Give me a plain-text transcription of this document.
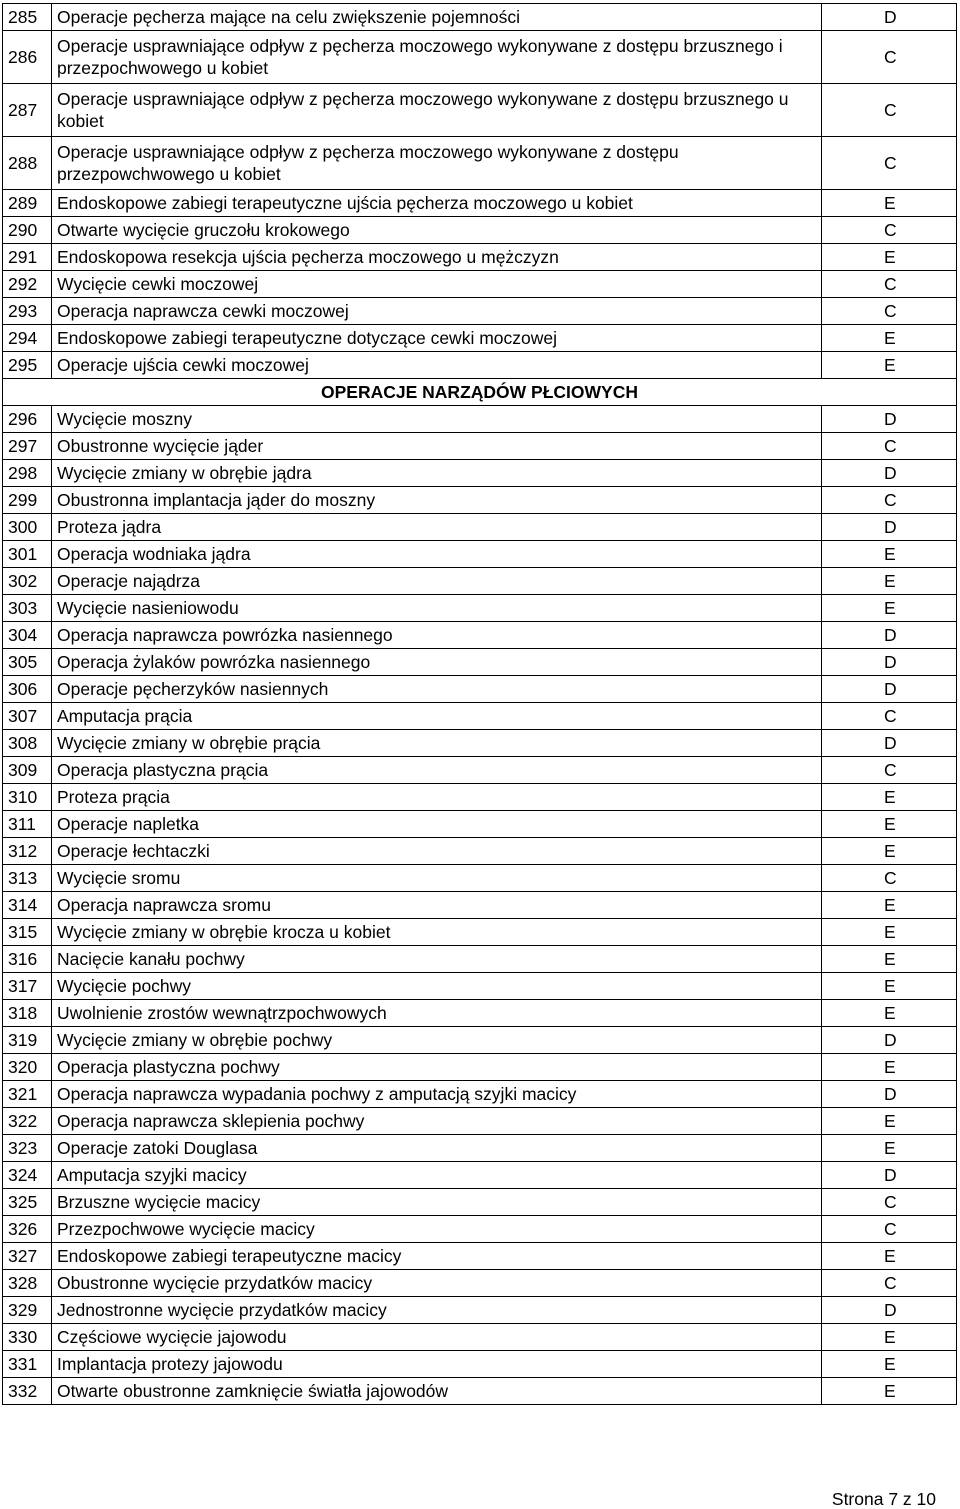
285	Operacje pęcherza mające na celu zwiększenie pojemności	D
286	Operacje usprawniające odpływ z pęcherza moczowego wykonywane z dostępu brzusznego i przezpochwowego u kobiet	C
287	Operacje usprawniające odpływ z pęcherza moczowego wykonywane z dostępu brzusznego u kobiet	C
288	Operacje usprawniające odpływ z pęcherza moczowego wykonywane z dostępu przezpowchwowego u kobiet	C
289	Endoskopowe zabiegi terapeutyczne ujścia pęcherza moczowego u kobiet	E
290	Otwarte wycięcie gruczołu krokowego	C
291	Endoskopowa resekcja ujścia pęcherza moczowego u mężczyzn	E
292	Wycięcie cewki moczowej	C
293	Operacja naprawcza cewki moczowej	C
294	Endoskopowe zabiegi terapeutyczne dotyczące cewki moczowej	E
295	Operacje ujścia cewki moczowej	E
OPERACJE NARZĄDÓW PŁCIOWYCH		
296	Wycięcie moszny	D
297	Obustronne wycięcie jąder	C
298	Wycięcie zmiany w obrębie jądra	D
299	Obustronna implantacja jąder do moszny	C
300	Proteza jądra	D
301	Operacja wodniaka jądra	E
302	Operacje najądrza	E
303	Wycięcie nasieniowodu	E
304	Operacja naprawcza powrózka nasiennego	D
305	Operacja żylaków powrózka nasiennego	D
306	Operacje pęcherzyków nasiennych	D
307	Amputacja prącia	C
308	Wycięcie zmiany w obrębie prącia	D
309	Operacja plastyczna prącia	C
310	Proteza prącia	E
311	Operacje napletka	E
312	Operacje łechtaczki	E
313	Wycięcie sromu	C
314	Operacja naprawcza sromu	E
315	Wycięcie zmiany w obrębie krocza u kobiet	E
316	Nacięcie kanału pochwy	E
317	Wycięcie pochwy	E
318	Uwolnienie zrostów wewnątrzpochwowych	E
319	Wycięcie zmiany w obrębie pochwy	D
320	Operacja plastyczna pochwy	E
321	Operacja naprawcza wypadania pochwy z amputacją szyjki macicy	D
322	Operacja naprawcza sklepienia pochwy	E
323	Operacje zatoki Douglasa	E
324	Amputacja szyjki macicy	D
325	Brzuszne wycięcie macicy	C
326	Przezpochwowe wycięcie macicy	C
327	Endoskopowe zabiegi terapeutyczne macicy	E
328	Obustronne wycięcie przydatków macicy	C
329	Jednostronne wycięcie przydatków macicy	D
330	Częściowe wycięcie jajowodu	E
331	Implantacja protezy jajowodu	E
332	Otwarte obustronne zamknięcie światła jajowodów	E
Strona 7 z 10
